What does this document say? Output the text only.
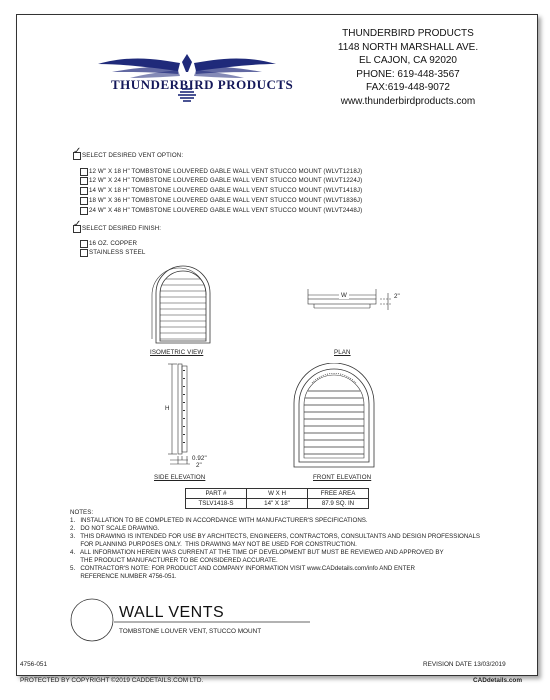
THUNDERBIRD PRODUCTS
THUNDERBIRD PRODUCTS
1148 NORTH MARSHALL AVE.
EL CAJON, CA 92020
PHONE: 619-448-3567
FAX:619-448-9072
www.thunderbirdproducts.com
✓ SELECT DESIRED VENT OPTION:
12 W" X 18 H" TOMBSTONE LOUVERED GABLE WALL VENT STUCCO MOUNT (WLVT1218J)
12 W" X 24 H" TOMBSTONE LOUVERED GABLE WALL VENT STUCCO MOUNT (WLVT1224J)
14 W" X 18 H" TOMBSTONE LOUVERED GABLE WALL VENT STUCCO MOUNT (WLVT1418J)
18 W" X 36 H" TOMBSTONE LOUVERED GABLE WALL VENT STUCCO MOUNT (WLVT1836J)
24 W" X 48 H" TOMBSTONE LOUVERED GABLE WALL VENT STUCCO MOUNT (WLVT2448J)
✓ SELECT DESIRED FINISH:
16 OZ. COPPER
STAINLESS STEEL
ISOMETRIC VIEW
W	2"
PLAN
H
0.92"
2"
SIDE ELEVATION	FRONT ELEVATION
PART #	W X H	FREE AREA
TSLV1418-S	14" X 18"	87.9 SQ. IN
NOTES:
1.   INSTALLATION TO BE COMPLETED IN ACCORDANCE WITH MANUFACTURER'S SPECIFICATIONS.
2.   DO NOT SCALE DRAWING.
3.   THIS DRAWING IS INTENDED FOR USE BY ARCHITECTS, ENGINEERS, CONTRACTORS, CONSULTANTS AND DESIGN PROFESSIONALS
FOR PLANNING PURPOSES ONLY.  THIS DRAWING MAY NOT BE USED FOR CONSTRUCTION.
4.   ALL INFORMATION HEREIN WAS CURRENT AT THE TIME OF DEVELOPMENT BUT MUST BE REVIEWED AND APPROVED BY
THE PRODUCT MANUFACTURER TO BE CONSIDERED ACCURATE.
5.   CONTRACTOR'S NOTE: FOR PRODUCT AND COMPANY INFORMATION VISIT www.CADdetails.com/info AND ENTER
REFERENCE NUMBER 4756-051.
WALL VENTS
TOMBSTONE LOUVER VENT, STUCCO MOUNT
4756-051	REVISION DATE 13/03/2019
PROTECTED BY COPYRIGHT ©2019 CADDETAILS.COM LTD.	CADdetails.com
